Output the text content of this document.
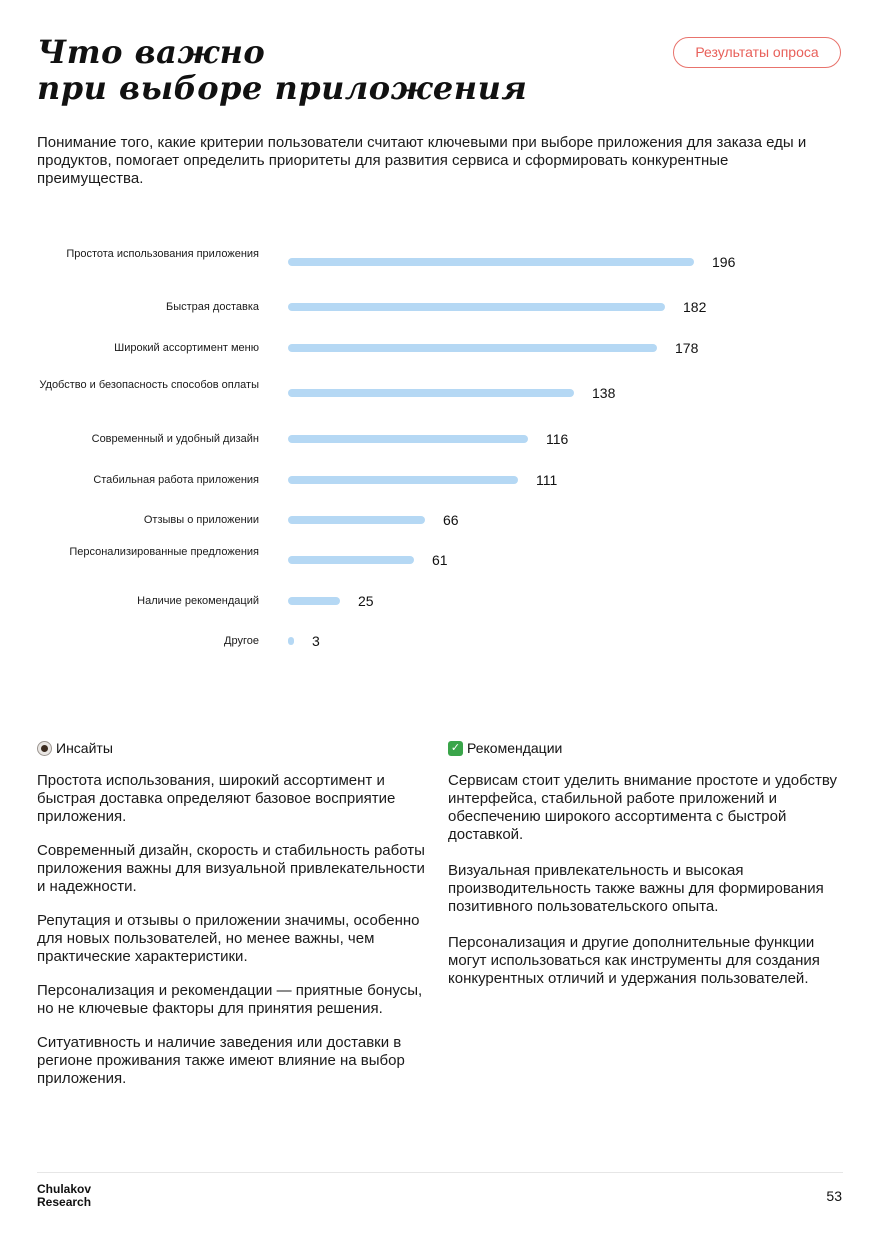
Что важно
при выборе приложения
Результаты опроса

Понимание того, какие критерии пользователи считают ключевыми при выборе приложения для заказа еды и продуктов, помогает определить приоритеты для развития сервиса и сформировать конкурентные преимущества.

Простота использования приложения	196
Быстрая доставка	182
Широкий ассортимент меню	178
Удобство и безопасность способов оплаты	138
Современный и удобный дизайн	116
Стабильная работа приложения	111
Отзывы о приложении	66
Персонализированные предложения	61
Наличие рекомендаций	25
Другое	3
Инсайты

Простота использования, широкий ассортимент и быстрая доставка определяют базовое восприятие приложения.

Современный дизайн, скорость и стабильность работы приложения важны для визуальной привлекательности и надежности.

Репутация и отзывы о приложении значимы, особенно для новых пользователей, но менее важны, чем практические характеристики.

Персонализация и рекомендации — приятные бонусы, но не ключевые факторы для принятия решения.

Ситуативность и наличие заведения или доставки в регионе проживания также имеют влияние на выбор приложения.

✓ Рекомендации

Сервисам стоит уделить внимание простоте и удобству интерфейса, стабильной работе приложений и обеспечению широкого ассортимента с быстрой доставкой.

Визуальная привлекательность и высокая производительность также важны для формирования позитивного пользовательского опыта.

Персонализация и другие дополнительные функции могут использоваться как инструменты для создания конкурентных отличий и удержания пользователей.

Chulakov
Research	53
